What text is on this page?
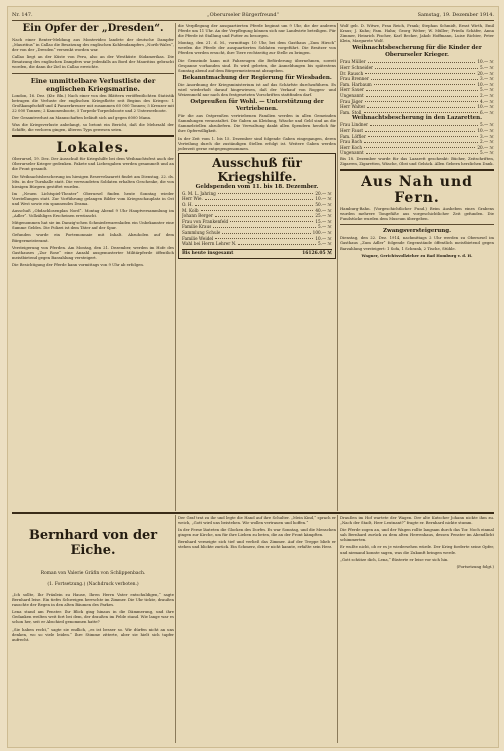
Nr. 147.	„Oberurseler Bürgerfreund“	Samstag, 19. Dezember 1914.

Ein Opfer der „Dresden“.

Nach einer Renter-Meldung aus Montevideo landete der deutsche Dampfer „Mauritius“ in Callao die Besatzung des englischen Kohlendampfers „North-Wales“, der von der „Dresden“ versenkt worden war.

Callao liegt an der Küste von Peru, also an der Westküste Südamerikas. Die Besatzung des englischen Dampfers war jedenfalls an Bord der Mauritius gebracht worden, die dann ihr Ziel in Callao erreichte.

Eine unmittelbare Verlustliste der englischen Kriegsmarine.

London, 16. Dez. (Ktr. Bln.) Nach einer von den Blättern veröffentlichten Statistik betragen die Verluste der englischen Kriegsflotte seit Beginn des Krieges: 1 Großkampfschiff und 4 Panzerkreuzer mit zusammen 60 000 Tonnen; 5 Kreuzer mit 22 000 Tonnen; 2 Kanonenboote, 5 Torpedo-Torpedoboote und 2 Unterseeboote.

Der Gesamtverlust an Mannschaften beläuft sich auf gegen 6000 Mann.

Was die Kriegsverluste anbelangt, so betont ein Bericht, daß die Mehrzahl der Schiffe, die verloren gingen, älteren Typs gewesen seien.

Lokales.

Oberursel, 19. Dez. Der Ausschuß für Kriegshilfe bei dem Weihnachtsfest auch der Oberurseler Krieger gedenken. Pakete und Liebesgaben werden gesammelt und an die Front gesandt.

Die Weihnachtsbescherung im hiesigen Reservelazarett findet am Dienstag, 22. ds. Mts. in der Turnhalle statt. Die verwundeten Soldaten erhalten Geschenke, die von hiesigen Bürgern gestiftet wurden.

Im „Neuen Lichtspiel-Theater“ Oberursel finden heute Sonntag wieder Vorstellungen statt. Zur Vorführung gelangen Bilder vom Kriegsschauplatz in Ost und West sowie ein spannendes Drama.

Ausschuß „Obdachlosenplan Nord“. Montag Abend 9 Uhr Hauptversammlung im „Adler“. Vollzähliges Erscheinen erwünscht.

Mitgenommen hat sie im Danzig'schen Schmiedewarenladen ein Unbekannter eine Summe Geldes. Die Polizei ist dem Täter auf der Spur.

Gefunden wurde ein Portemonnaie mit Inhalt. Abzuholen auf dem Bürgermeisteramt.

Versteigerung von Pferden. Am Montag, den 21. Dezember, werden im Hofe des Gasthauses „Zur Rose“ eine Anzahl ausgemusterter Militärpferde öffentlich meistbietend gegen Barzahlung versteigert.

Die Besichtigung der Pferde kann vormittags von 9 Uhr ab erfolgen.

die Verpflegung der ausquartierten Pferde beginnt um 9 Uhr, die der anderen Pferde um 11 Uhr. An der Verpflegung können sich nur Landwirte beteiligen. Für die Pferde ist Stallung und Futter zu besorgen.

Montag, den 21. d. M., vormittags 10 Uhr, bei dem Gasthaus „Zum Hirsch“ werden die Pferde der ausquartierten Soldaten vorgeführt. Die Besitzer von Pferden werden ersucht, ihre Tiere rechtzeitig zur Stelle zu bringen.

Die Gemeinde kann mit Fahrzeugen die Beförderung übernehmen, soweit Gespanne vorhanden sind. Es wird gebeten, die Anmeldungen bis spätestens Sonntag abend auf dem Bürgermeisteramt abzugeben.

Bekanntmachung der Regierung für Wiesbaden.

Die Anordnung der Kriegsministerium ist auf das Schärfste durchzuführen. Es wird wiederholt darauf hingewiesen, daß der Verkauf von Roggen- und Weizenmehl nur nach den festgesetzten Vorschriften stattfinden darf.

Ostpreußen für Wohl. — Unterstützung der Vertriebenen.

Für die aus Ostpreußen vertriebenen Familien werden in allen Gemeinden Sammlungen veranstaltet. Die Gaben an Kleidung, Wäsche und Geld sind an die Sammelstellen abzuliefern. Die Verwaltung dankt allen Spendern herzlich für ihre Opferwilligkeit.

In der Zeit vom 1. bis 15. Dezember sind folgende Gaben eingegangen, deren Verteilung durch die zuständigen Stellen erfolgt ist. Weitere Gaben werden jederzeit gerne entgegengenommen.

Ausschuß für Kriegshilfe.

Geldspenden vom 11. bis 18. Dezember.

G. M. L. Jahring	20.— ℳ
Herr Wie.	10.— ℳ
O. H.	50.— ℳ
M. Kolb	40.— ℳ
Johann Berger	25.— ℳ
Frau von Frankenfeld	15.— ℳ
Familie Kraus	5.— ℳ
Sammlung Schule	100.— ℳ
Familie Weidel	10.— ℳ
Wahl bei Herrn Lehrer N.	5.— ℳ
Bis heute insgesamt	16126.05 ℳ

Wolf geb. D. Witwe, Frau Reich, Frank; Stephan Schmidt, Ernst Wirth, Emil Kraus; J. Kuhn; Fam. Hahn; Georg Weber; W. Müller; Frieda Schäfer, Anna Zimmer, Heinrich Fischer, Karl Becker, Jakob Hoffmann, Luise Richter, Peter Klein, Margarete Wolf.

Weihnachtsbescherung für die Kinder der Oberurseler Krieger.

Frau Müller	10.— ℳ
Herr Schneider	5.— ℳ
Dr. Rausch	20.— ℳ
Frau Brenner	3.— ℳ
Fam. Harbaum	10.— ℳ
Herr Sauer	5.— ℳ
Ungenannt	2.— ℳ
Frau Jäger	4.— ℳ
Herr Walter	10.— ℳ
Fam. Stoll	6.— ℳ

Weihnachtsbescherung in den Lazaretten.

Frau Lindner	5.— ℳ
Herr Faust	10.— ℳ
Fam. Löffler	3.— ℳ
Frau Bach	2.— ℳ
Herr Koch	20.— ℳ
Ungenannt	5.— ℳ

Bis 18. Dezember wurde für das Lazarett geschenkt: Bücher, Zeitschriften, Zigarren, Zigaretten, Wäsche, Obst und Gebäck. Allen Gebern herzlichen Dank.

Aus Nah und Fern.

Hamburg-Bahn. (Vorgeschichtlicher Fund.) Beim Ausheben eines Grabens wurden mehrere Tongefäße aus vorgeschichtlicher Zeit gefunden. Die Fundstücke wurden dem Museum übergeben.

Zwangsversteigerung.

Dienstag, den 22. Dez. 1914, nachmittags 2 Uhr werden zu Oberursel im Gasthaus „Zum Adler“ folgende Gegenstände öffentlich meistbietend gegen Barzahlung versteigert: 1 Sofa, 1 Schrank, 2 Tische, Stühle.

Wagner, Gerichtsvollzieher zu Bad Homburg v. d. H.

Bernhard von der Eiche.

Roman von Valerie Gräfin von Schlippenbach.

(1. Fortsetzung.) (Nachdruck verboten.)

„Ich sollte, Ihr Fräulein zu Hause, Ihren Herrn Vater entschuldigen,“ sagte Bernhard leise. Ein tiefes Schweigen herrschte im Zimmer. Die Uhr tickte, draußen rauschte der Regen in den alten Bäumen des Parkes.

Lena stand am Fenster. Ihr Blick ging hinaus in die Dämmerung, und ihre Gedanken weilten weit fort bei dem, der draußen im Felde stand. Wie lange war es schon her, seit er Abschied genommen hatte?

„Sie haben recht,“ sagte sie endlich, „es ist besser so. Wir dürfen nicht an uns denken, wo so viele leiden.“ Ihre Stimme zitterte, aber sie hielt sich tapfer aufrecht.

Der Graf trat zu ihr und legte die Hand auf ihre Schulter. „Mein Kind,“ sprach er weich, „Gott wird uns beistehen. Wir wollen vertrauen und hoffen.“

In der Ferne läuteten die Glocken des Dorfes. Es war Sonntag, und die Menschen gingen zur Kirche, um für ihre Lieben zu beten, die an der Front kämpften.

Bernhard verneigte sich tief und verließ das Zimmer. Auf der Treppe blieb er stehen und blickte zurück. Ein Schmerz, den er nicht kannte, erfaßte sein Herz.

Draußen im Hof wartete der Wagen. Der alte Kutscher Johann nickte ihm zu. „Nach der Stadt, Herr Leutnant?“ fragte er. Bernhard nickte stumm.

Die Pferde zogen an, und der Wagen rollte langsam durch das Tor. Noch einmal sah Bernhard zurück zu dem alten Herrenhaus, dessen Fenster im Abendlicht schimmerten.

Er wußte nicht, ob er es je wiedersehen würde. Der Krieg forderte seine Opfer, und niemand konnte sagen, was die Zukunft bringen werde.

„Gott schütze dich, Lena,“ flüsterte er leise vor sich hin.

(Fortsetzung folgt.)
